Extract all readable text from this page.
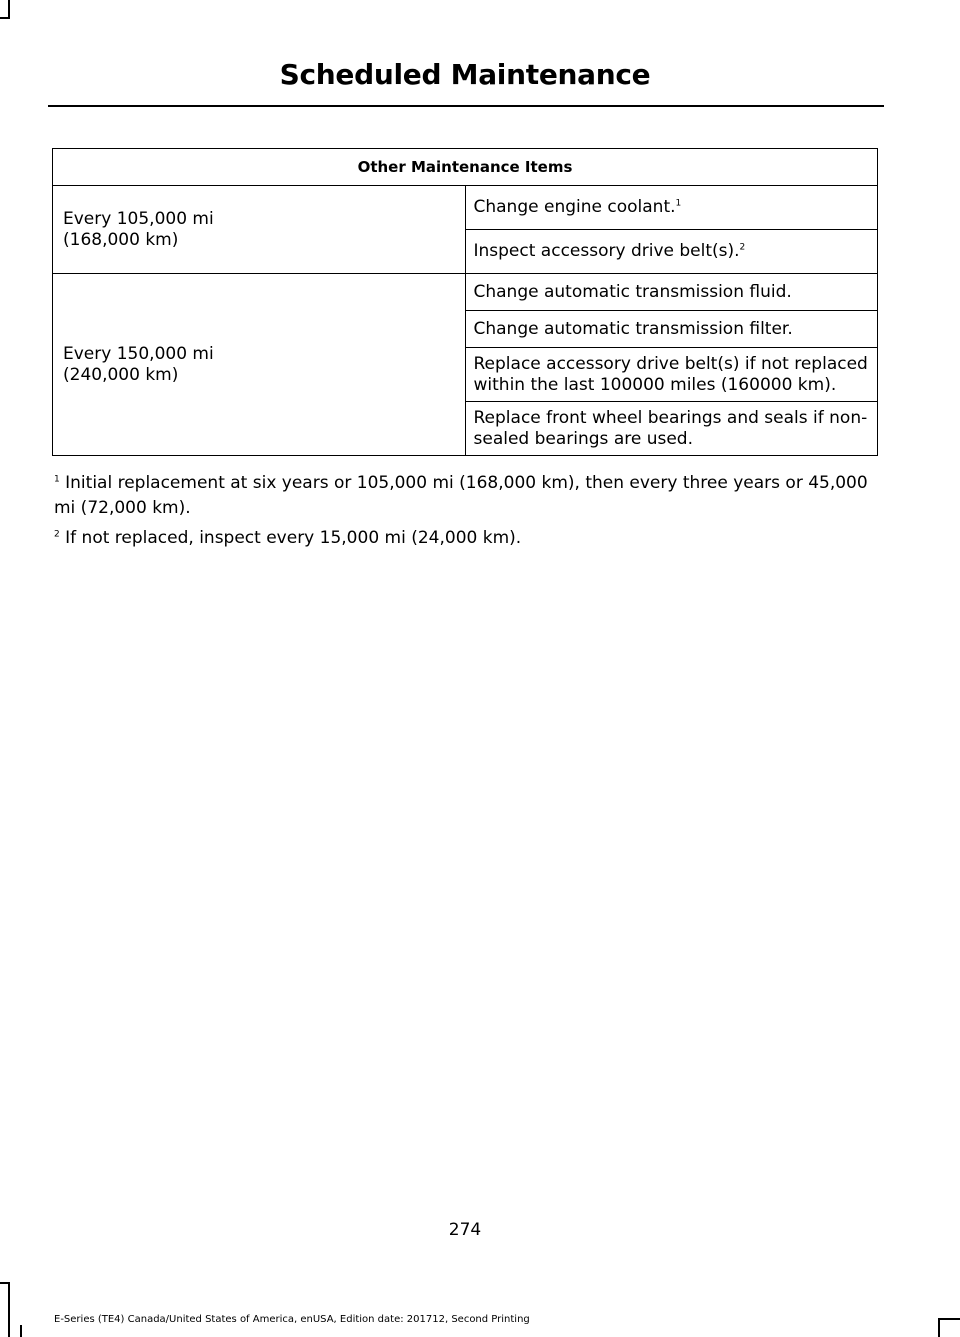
Scheduled Maintenance
Other Maintenance Items	
Every 105,000 mi
(168,000 km)	Change engine coolant.$^1$
	Inspect accessory drive belt(s).$^2$
Every 150,000 mi
(240,000 km)	Change automatic transmission fluid.
	Change automatic transmission filter.
	Replace accessory drive belt(s) if not replaced within the last 100000 miles (160000 km).
	Replace front wheel bearings and seals if non-sealed bearings are used.

$^1$ Initial replacement at six years or 105,000 mi (168,000 km), then every three years or 45,000 mi (72,000 km).

$^2$ If not replaced, inspect every 15,000 mi (24,000 km).

274
E-Series (TE4) Canada/United States of America, enUSA, Edition date: 201712, Second Printing
